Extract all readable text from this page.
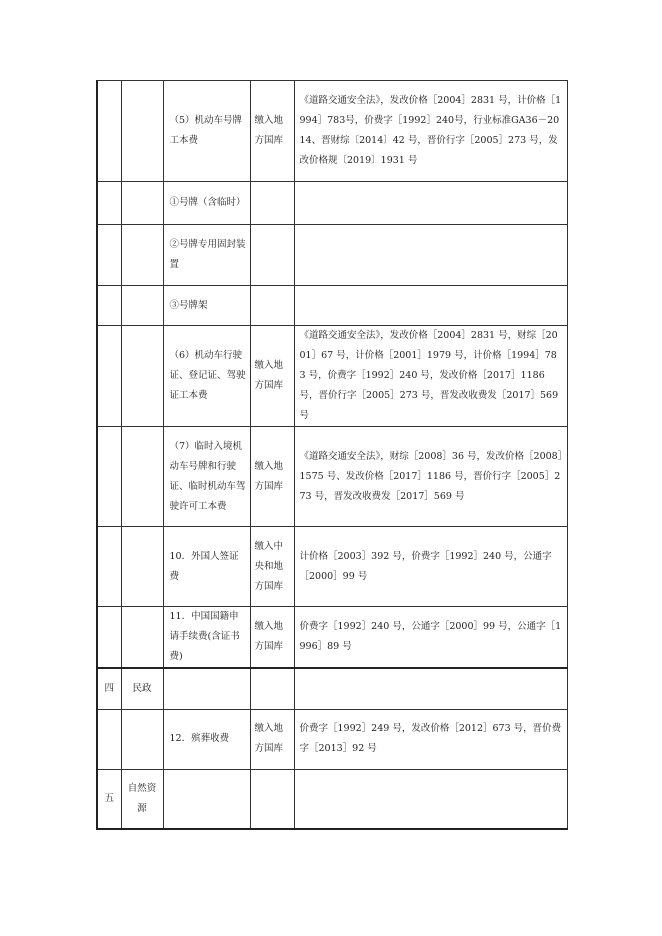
		（5）机动车号牌工本费	缴入地方国库	《道路交通安全法》，发改价格［2004］2831 号，计价格［1994］783号，价费字［1992］240号，行业标准GA36－2014、晋财综〔2014〕42 号，晋价行字［2005］273 号，发改价格规〔2019〕1931 号
		①号牌（含临时）		
		②号牌专用固封装置		
		③号牌架		
		（6）机动车行驶证、登记证、驾驶证工本费	缴入地方国库	《道路交通安全法》，发改价格［2004］2831 号，财综［2001］67 号，计价格［2001］1979 号，计价格［1994］783 号，价费字［1992］240 号，发改价格［2017］1186 号，晋价行字［2005］273 号，晋发改收费发［2017］569 号
		（7）临时入境机动车号牌和行驶证、临时机动车驾驶许可工本费	缴入地方国库	《道路交通安全法》，财综［2008］36 号，发改价格［2008］1575 号、发改价格［2017］1186 号，晋价行字［2005］273 号，晋发改收费发［2017］569 号
		10．外国人签证费	缴入中央和地方国库	计价格［2003］392 号，价费字［1992］240 号，公通字［2000］99 号
		11．中国国籍申请手续费(含证书费)	缴入地方国库	价费字［1992］240 号，公通字［2000］99 号，公通字［1996］89 号
四	民政			
		12．殡葬收费	缴入地方国库	价费字［1992］249 号，发改价格［2012］673 号，晋价费字［2013］92 号
五	自然资源			
